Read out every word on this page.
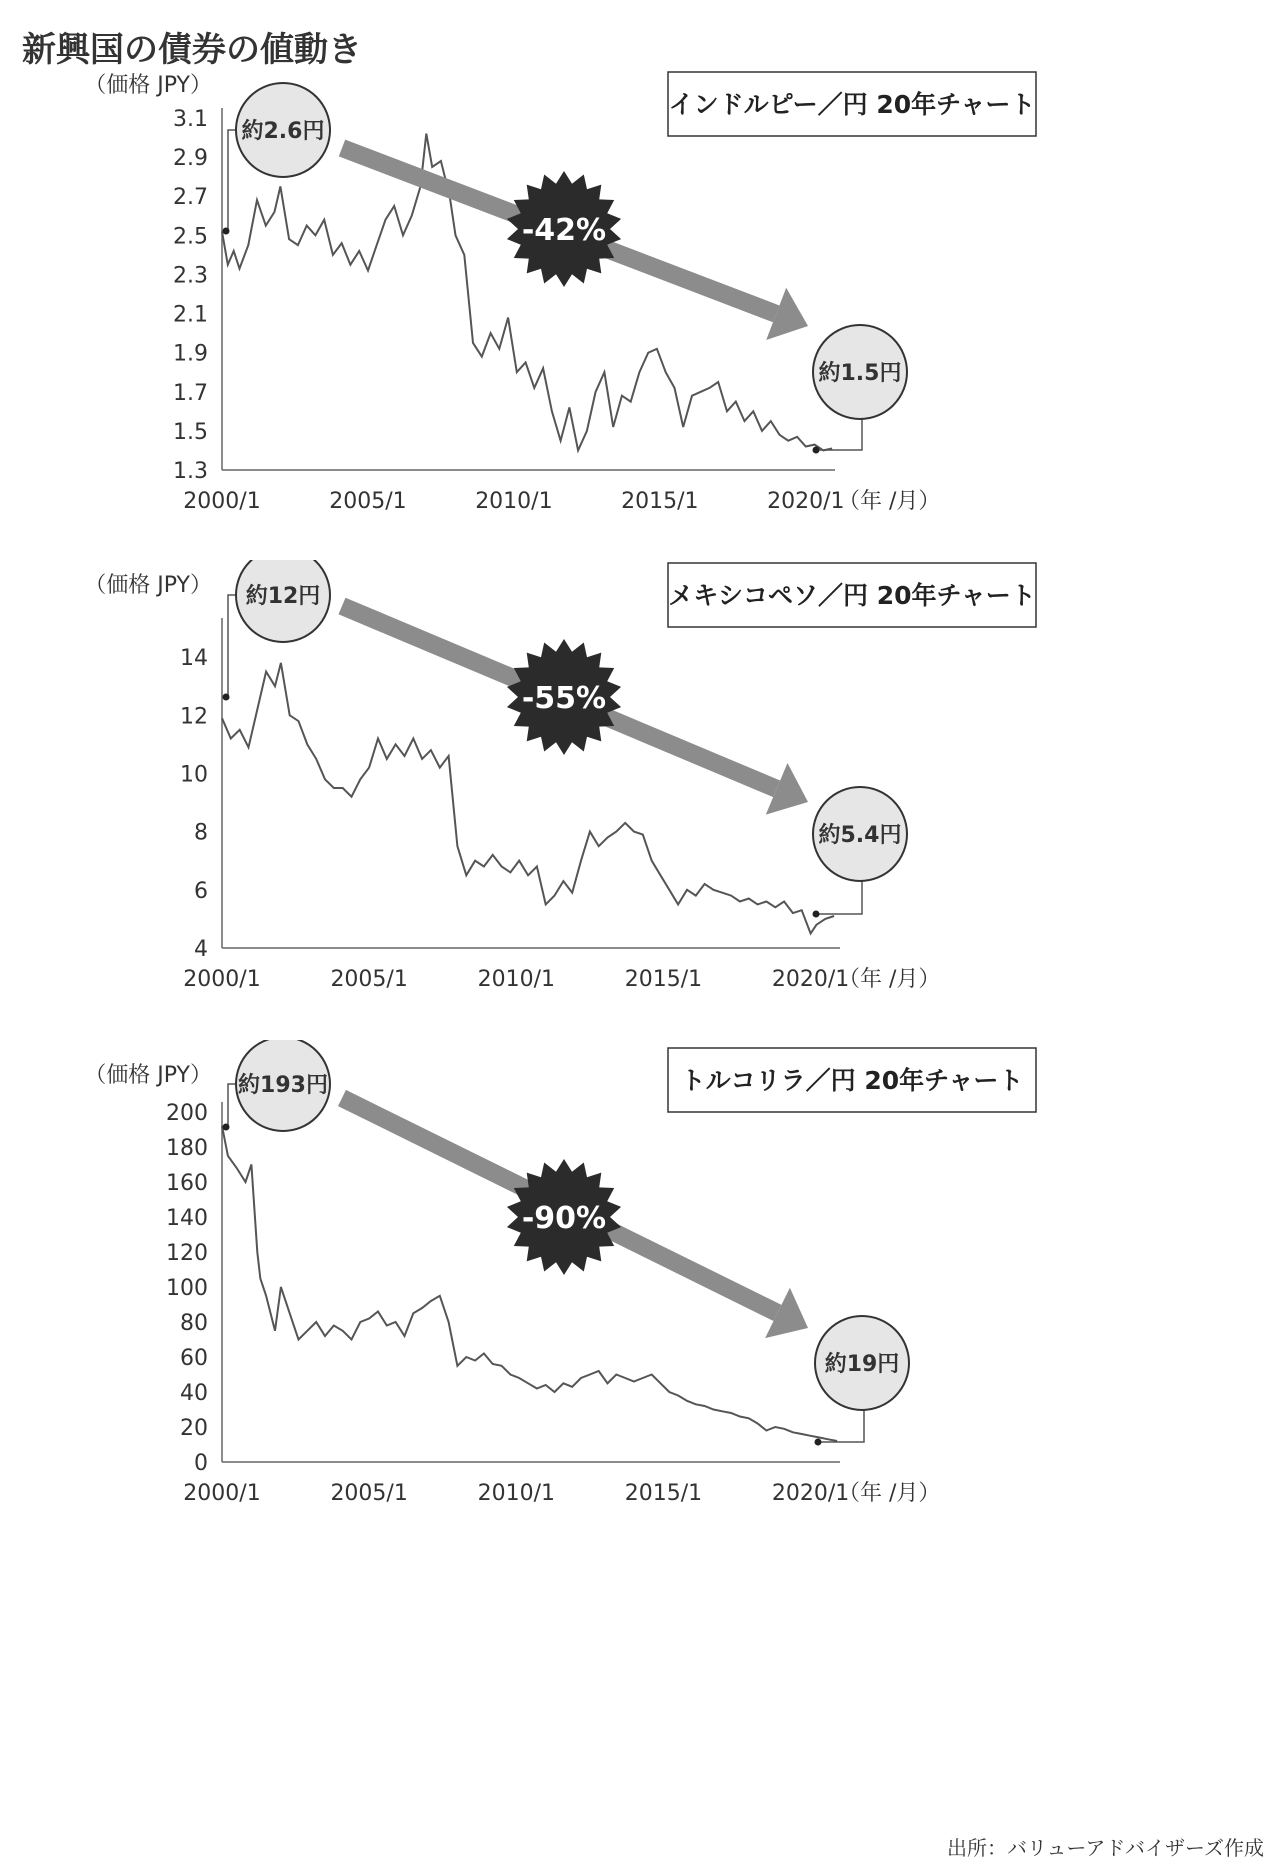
新興国の債券の値動き
（価格 JPY）
1.3
1.5
1.7
1.9
2.1
2.3
2.5
2.7
2.9
3.1
2000/1	2005/1	2010/1	2015/1	2020/1
（年 /月）
-42%
約2.6円
約1.5円
インドルピー／円 20年チャート
（価格 JPY）
4
6
8
10
12
14
2000/1	2005/1	2010/1	2015/1	2020/1
（年 /月）
-55%
約12円
約5.4円
メキシコペソ／円 20年チャート
（価格 JPY）
0
20
40
60
80
100
120
140
160
180
200
2000/1	2005/1	2010/1	2015/1	2020/1
（年 /月）
-90%
約193円
約19円
トルコリラ／円 20年チャート
出所：バリューアドバイザーズ作成
